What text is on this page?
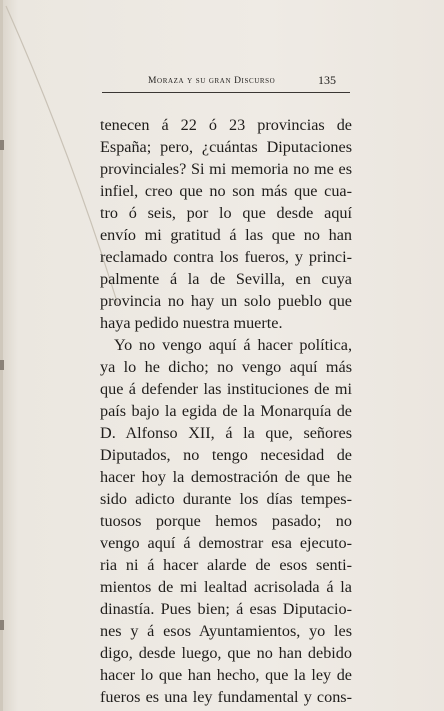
Moraza y su gran Discurso	135
tenecen á 22 ó 23 provincias de
España; pero, ¿cuántas Diputaciones
provinciales? Si mi memoria no me es
infiel, creo que no son más que cua-
tro ó seis, por lo que desde aquí
envío mi gratitud á las que no han
reclamado contra los fueros, y princi-
palmente á la de Sevilla, en cuya
provincia no hay un solo pueblo que
haya pedido nuestra muerte.
Yo no vengo aquí á hacer política,
ya lo he dicho; no vengo aquí más
que á defender las instituciones de mi
país bajo la egida de la Monarquía de
D. Alfonso XII, á la que, señores
Diputados, no tengo necesidad de
hacer hoy la demostración de que he
sido adicto durante los días tempes-
tuosos porque hemos pasado; no
vengo aquí á demostrar esa ejecuto-
ria ni á hacer alarde de esos senti-
mientos de mi lealtad acrisolada á la
dinastía. Pues bien; á esas Diputacio-
nes y á esos Ayuntamientos, yo les
digo, desde luego, que no han debido
hacer lo que han hecho, que la ley de
fueros es una ley fundamental y cons-
